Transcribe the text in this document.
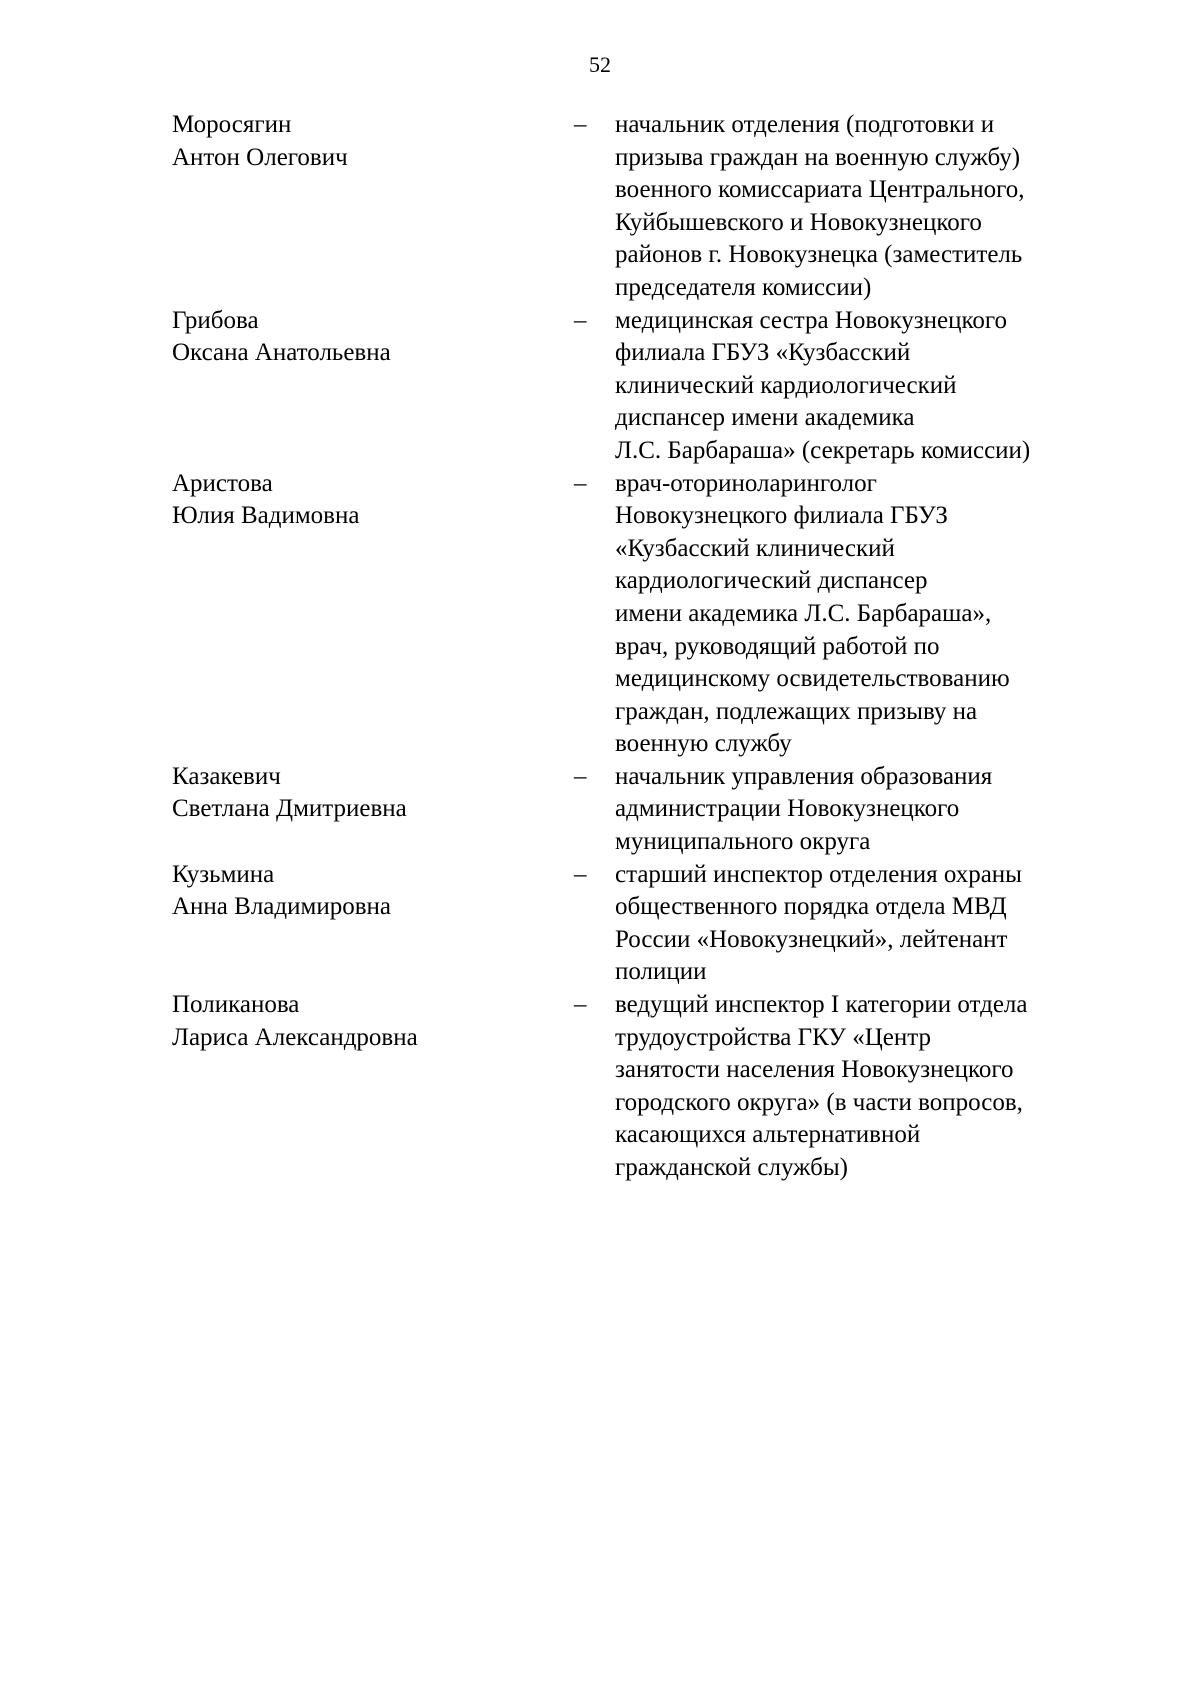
52
Моросягин
Антон Олегович
– начальник отделения (подготовки и
призыва граждан на военную службу)
военного комиссариата Центрального,
Куйбышевского и Новокузнецкого
районов г. Новокузнецка (заместитель
председателя комиссии)
Грибова
Оксана Анатольевна
– медицинская сестра Новокузнецкого
филиала ГБУЗ «Кузбасский
клинический кардиологический
диспансер имени академика
Л.С. Барбараша» (секретарь комиссии)
Аристова
Юлия Вадимовна
– врач-оториноларинголог
Новокузнецкого филиала ГБУЗ
«Кузбасский клинический
кардиологический диспансер
имени академика Л.С. Барбараша»,
врач, руководящий работой по
медицинскому освидетельствованию
граждан, подлежащих призыву на
военную службу
Казакевич
Светлана Дмитриевна
– начальник управления образования
администрации Новокузнецкого
муниципального округа
Кузьмина
Анна Владимировна
– старший инспектор отделения охраны
общественного порядка отдела МВД
России «Новокузнецкий», лейтенант
полиции
Поликанова
Лариса Александровна
– ведущий инспектор I категории отдела
трудоустройства ГКУ «Центр
занятости населения Новокузнецкого
городского округа» (в части вопросов,
касающихся альтернативной
гражданской службы)
